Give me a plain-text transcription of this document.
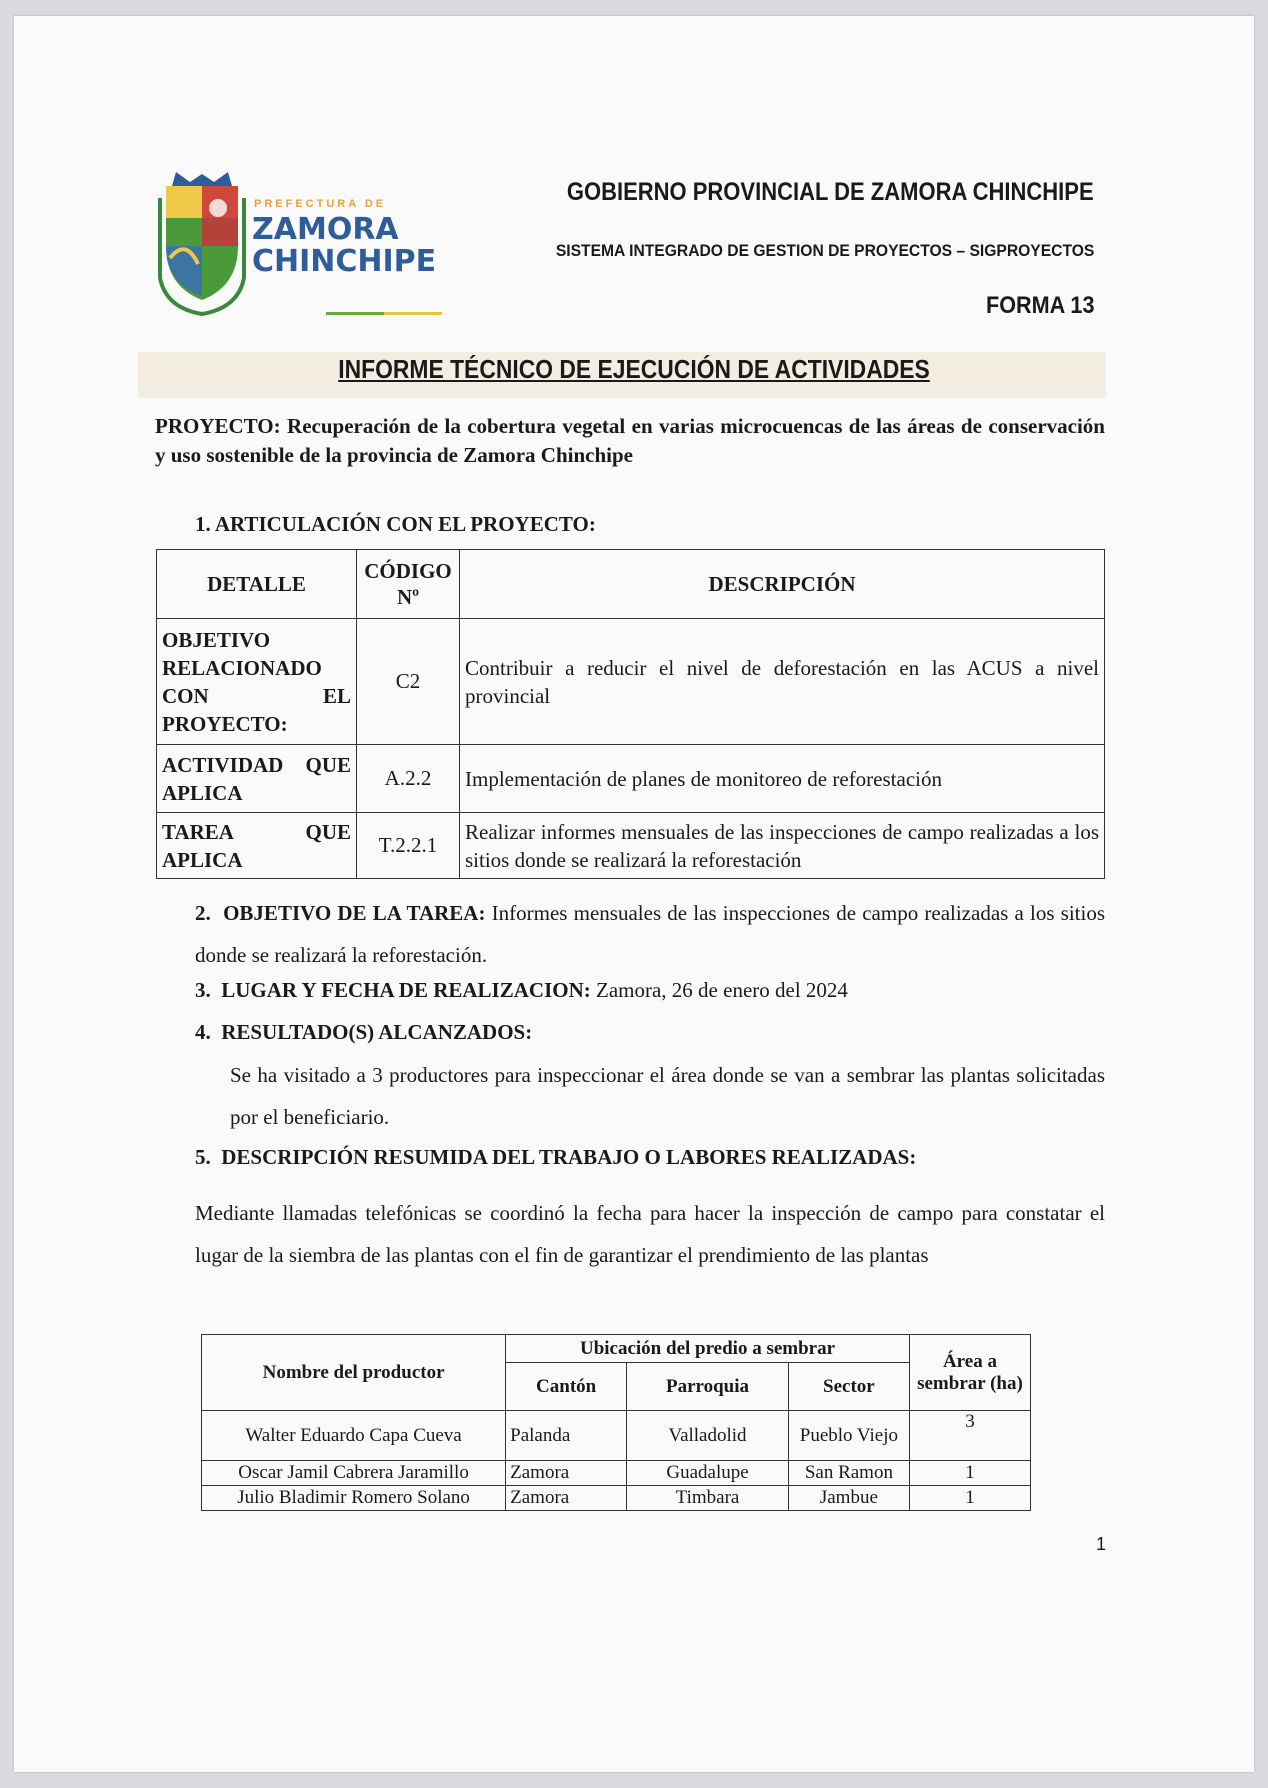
PREFECTURA DE
ZAMORA
CHINCHIPE
GOBIERNO PROVINCIAL DE ZAMORA CHINCHIPE
SISTEMA INTEGRADO DE GESTION DE PROYECTOS – SIGPROYECTOS
FORMA 13
INFORME TÉCNICO DE EJECUCIÓN DE ACTIVIDADES
PROYECTO: Recuperación de la cobertura vegetal en varias microcuencas de las áreas de conservación y uso sostenible de la provincia de Zamora Chinchipe
1. ARTICULACIÓN CON EL PROYECTO:
DETALLE	CÓDIGO Nº	DESCRIPCIÓN
OBJETIVO RELACIONADO CON EL PROYECTO:	C2	Contribuir a reducir el nivel de deforestación en las ACUS a nivel provincial
ACTIVIDAD QUE APLICA	A.2.2	Implementación de planes de monitoreo de reforestación
TAREA QUE APLICA	T.2.2.1	Realizar informes mensuales de las inspecciones de campo realizadas a los sitios donde se realizará la reforestación
2. OBJETIVO DE LA TAREA: Informes mensuales de las inspecciones de campo realizadas a los sitios donde se realizará la reforestación.
3. LUGAR Y FECHA DE REALIZACION: Zamora, 26 de enero del 2024
4. RESULTADO(S) ALCANZADOS:
Se ha visitado a 3 productores para inspeccionar el área donde se van a sembrar las plantas solicitadas por el beneficiario.
5. DESCRIPCIÓN RESUMIDA DEL TRABAJO O LABORES REALIZADAS:
Mediante llamadas telefónicas se coordinó la fecha para hacer la inspección de campo para constatar el lugar de la siembra de las plantas con el fin de garantizar el prendimiento de las plantas
Nombre del productor	Ubicación del predio a sembrar			Área a sembrar (ha)
	Cantón	Parroquia	Sector	
Walter Eduardo Capa Cueva	Palanda	Valladolid	Pueblo Viejo	3
Oscar Jamil Cabrera Jaramillo	Zamora	Guadalupe	San Ramon	1
Julio Bladimir Romero Solano	Zamora	Timbara	Jambue	1
1
